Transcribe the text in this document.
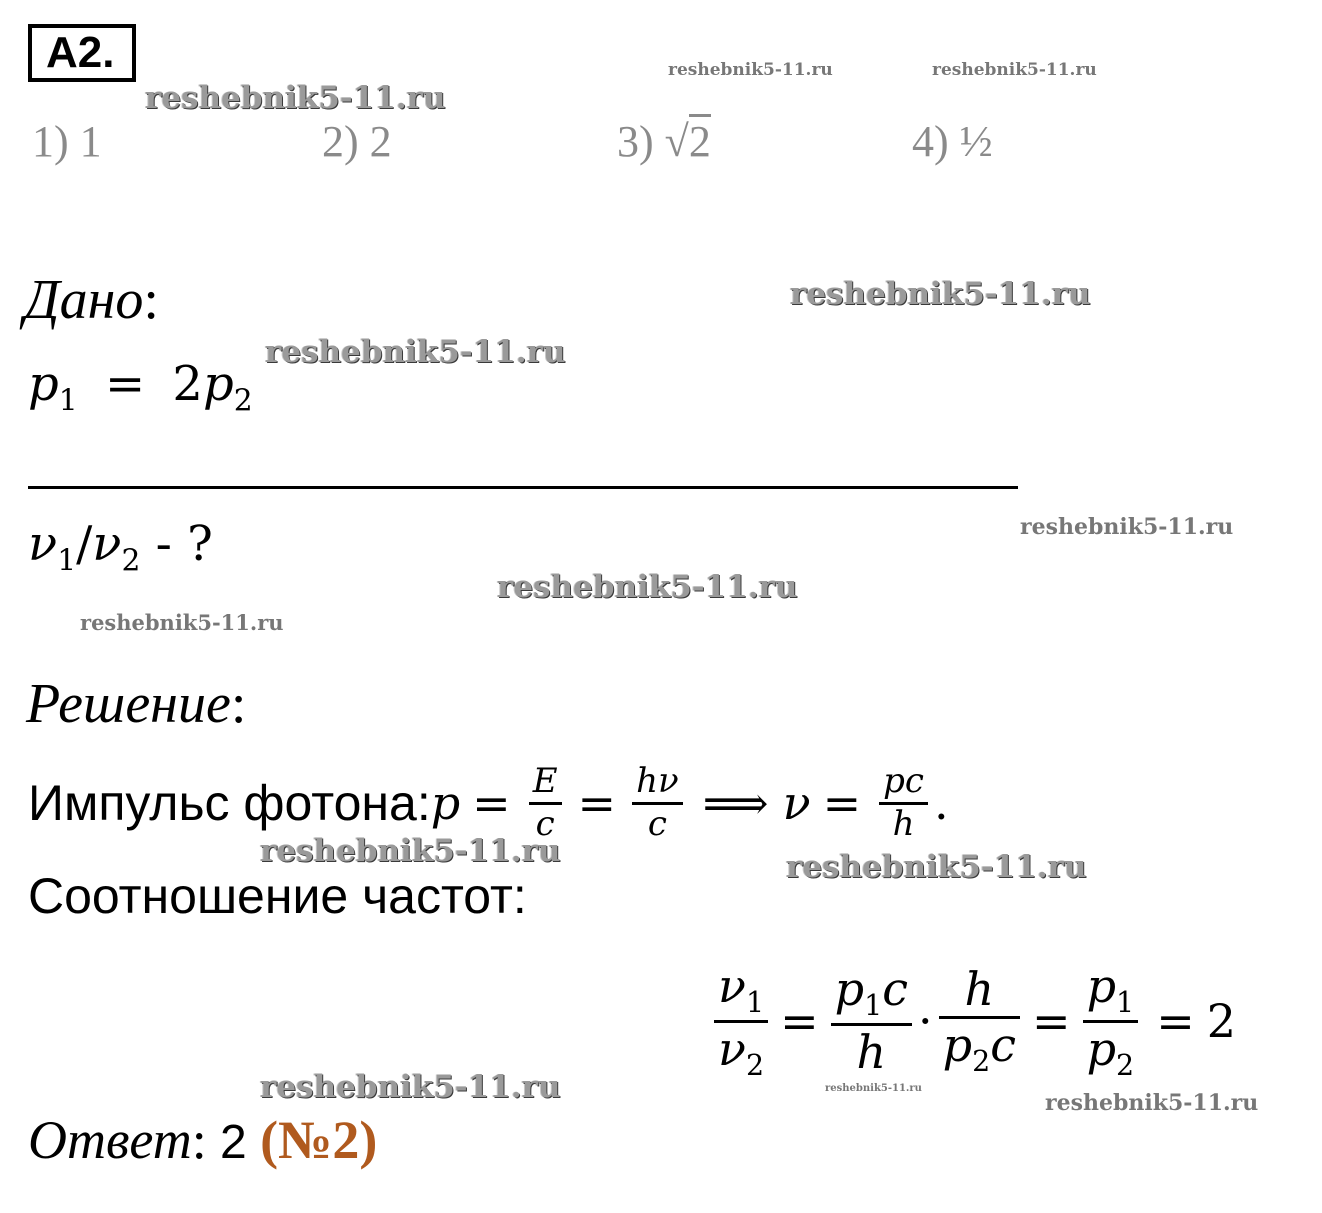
А2.
reshebnik5-11.ru
reshebnik5-11.ru	reshebnik5-11.ru
reshebnik5-11.ru
reshebnik5-11.ru
reshebnik5-11.ru
reshebnik5-11.ru
reshebnik5-11.ru
reshebnik5-11.ru	reshebnik5-11.ru
reshebnik5-11.ru	reshebnik5-11.ru
reshebnik5-11.ru
1) 1	2) 2	3) √2	4) ½
Дано:
$p_1 = 2p_2$
$\nu_1/\nu_2$ - ?
Решение:
Импульс фотона: $p = \frac{E}{c} = \frac{h\nu}{c}$ ⟹ $\nu = \frac{pc}{h}$ .
Соотношение частот:
$\frac{\nu_1}{\nu_2} = \frac{p_1c}{h} \cdot \frac{h}{p_2c} = \frac{p_1}{p_2} = 2$
Ответ: 2 (№2)
